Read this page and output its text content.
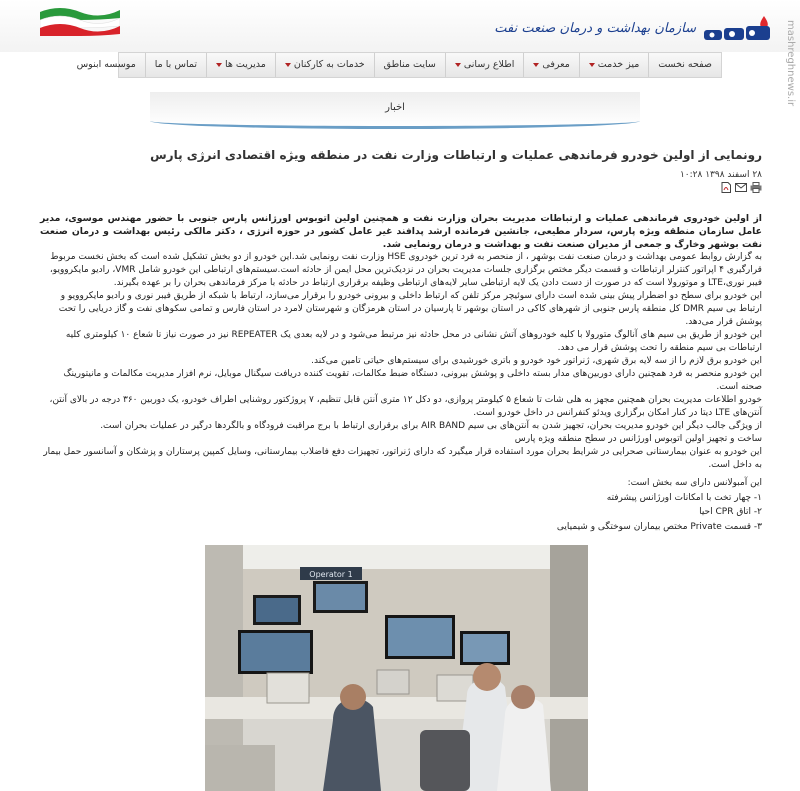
سازمان بهداشت و درمان صنعت نفت	mashreghnews.ir
صفحه نخست
میز خدمت
معرفی
اطلاع رسانی
سایت مناطق
خدمات به کارکنان
مدیریت ها
تماس با ما
موسسه ابنوس
اخبار
رونمایی از اولین خودرو فرماندهی عملیات و ارتباطات وزارت نفت در منطقه ویژه اقتصادی انرژی پارس
۲۸ اسفند ۱۳۹۸ ۱۰:۲۸
از اولین خودروی فرماندهی عملیات و ارتباطات مدیریت بحران وزارت نفت و همچنین اولین اتوبوس اورژانس پارس جنوبی با حضور مهندس موسوی، مدیر عامل سازمان منطقه ویژه پارس، سردار مطیعی، جانشین فرمانده ارشد پدافند غیر عامل کشور در حوزه انرژی ، دکتر مالکی رئیس بهداشت و درمان صنعت نفت بوشهر وخارگ و جمعی از مدیران صنعت نفت و بهداشت و درمان رونمایی شد.

به گزارش روابط عمومی بهداشت و درمان صنعت نفت بوشهر ، از منحصر به فرد ترین خودروی HSE وزارت نفت رونمایی شد.این خودرو از دو بخش تشکیل شده است که بخش نخست مربوط قرارگیری ۴ اپراتور کنترلر ارتباطات و قسمت دیگر مختص برگزاری جلسات مدیریت بحران در نزدیک‌ترین محل ایمن از حادثه است.سیستم‌های ارتباطی این خودرو شامل VMR، رادیو مایکروویو، فیبر نوری،LTE و موتورولا است که در صورت از دست دادن یک لایه ارتباطی سایر لایه‌های ارتباطی وظیفه برقراری ارتباط در حادثه با مرکز فرماندهی بحران را بر عهده بگیرند.

این خودرو برای سطح دو اضطرار پیش بینی شده است دارای سوئیچر مرکز تلفن که ارتباط داخلی و بیرونی خودرو را برقرار می‌سازد، ارتباط با شبکه از طریق فیبر نوری و رادیو مایکروویو و ارتباط بی سیم DMR کل منطقه پارس جنوبی از شهرهای کاکی در استان بوشهر تا پارسیان در استان هرمزگان و شهرستان لامرد در استان فارس و تمامی سکوهای نفت و گاز دریایی را تحت پوشش قرار می‌دهد.

این خودرو از طریق بی سیم های آنالوگ متورولا با کلیه خودروهای آتش نشانی در محل حادثه نیز مرتبط می‌شود و در لایه بعدی یک REPEATER نیز در صورت نیاز تا شعاع ۱۰ کیلومتری کلیه ارتباطات بی سیم منطقه را تحت پوشش قرار می دهد.

این خودرو برق لازم را از سه لایه برق شهری، ژنراتور خود خودرو و باتری خورشیدی برای سیستم‌های حیاتی تامین می‌کند.

این خودرو منحصر به فرد همچنین دارای دوربین‌های مدار بسته داخلی و پوشش بیرونی، دستگاه ضبط مکالمات، تقویت کننده دریافت سیگنال موبایل، نرم افزار مدیریت مکالمات و مانیتورینگ صحنه است.

خودرو اطلاعات مدیریت بحران همچنین مجهز به هلی شات تا شعاع ۵ کیلومتر پروازی، دو دکل ۱۲ متری آنتن قابل تنظیم، ۷ پروژکتور روشنایی اطراف خودرو، یک دوربین ۳۶۰ درجه در بالای آنتن، آنتن‌های LTE دیتا در کنار امکان برگزاری ویدئو کنفرانس در داخل خودرو است.

از ویژگی جالب دیگر این خودرو مدیریت بحران، تجهیز شدن به آنتن‌های بی سیم AIR BAND برای برقراری ارتباط با برج مراقبت فرودگاه و بالگردها درگیر در عملیات بحران است.

ساخت و تجهیز اولین اتوبوس اورژانس در سطح منطقه ویژه پارس

این خودرو به عنوان بیمارستانی صحرایی در شرایط بحران مورد استفاده قرار میگیرد که دارای ژنراتور، تجهیزات دفع فاضلاب بیمارستانی، وسایل کمپین پرستاران و پزشکان و آسانسور حمل بیمار به داخل است.

این آمبولانس دارای سه بخش است:

۱- چهار تخت با امکانات اورژانس پیشرفته

۲- اتاق CPR احیا

۳- قسمت Private مختص بیماران سوختگی و شیمیایی

Operator 1
